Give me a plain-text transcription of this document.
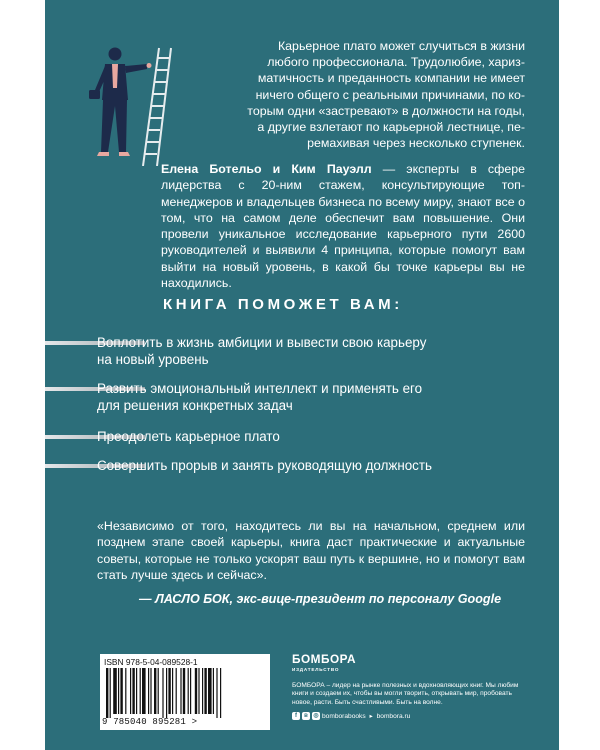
Карьерное плато может случиться в жизни

любого профессионала. Трудолюбие, хариз-

матичность и преданность компании не имеет

ничего общего с реальными причинами, по ко-

торым одни «застревают» в должности на годы,

а другие взлетают по карьерной лестнице, пе-

ремахивая через несколько ступенек.

Елена Ботельо и Ким Пауэлл — эксперты в сфере лидерства с 20-ним стажем, консультирующие топ-менеджеров и владельцев бизнеса по всему миру, знают все о том, что на самом деле обеспечит вам повышение. Они провели уникальное исследование карьерного пути 2600 руководителей и выявили 4 принципа, которые помогут вам выйти на новый уровень, в какой бы точке карьеры вы не находились.
КНИГА ПОМОЖЕТ ВАМ:
Воплотить в жизнь амбиции и вывести свою карьеру
на новый уровень
Развить эмоциональный интеллект и применять его
для решения конкретных задач
Преодолеть карьерное плато
Совершить прорыв и занять руководящую должность
«Независимо от того, находитесь ли вы на начальном, среднем или позднем этапе своей карьеры, книга даст практические и актуальные советы, которые не только ускорят ваш путь к вершине, но и помогут вам стать лучше здесь и сейчас».
— ЛАСЛО БОК, экс-вице-президент по персоналу Google
ISBN 978-5-04-089528-1
9 785040 895281 >
БОМБОРА
ИЗДАТЕЛЬСТВО
БОМБОРА – лидер на рынке полезных и вдохновляющих книг. Мы любим книги и создаем их, чтобы вы могли творить, открывать мир, пробовать новое, расти. Быть счастливыми. Быть на волне.
f	в ◎ bomborabooks ▸ bombora.ru
